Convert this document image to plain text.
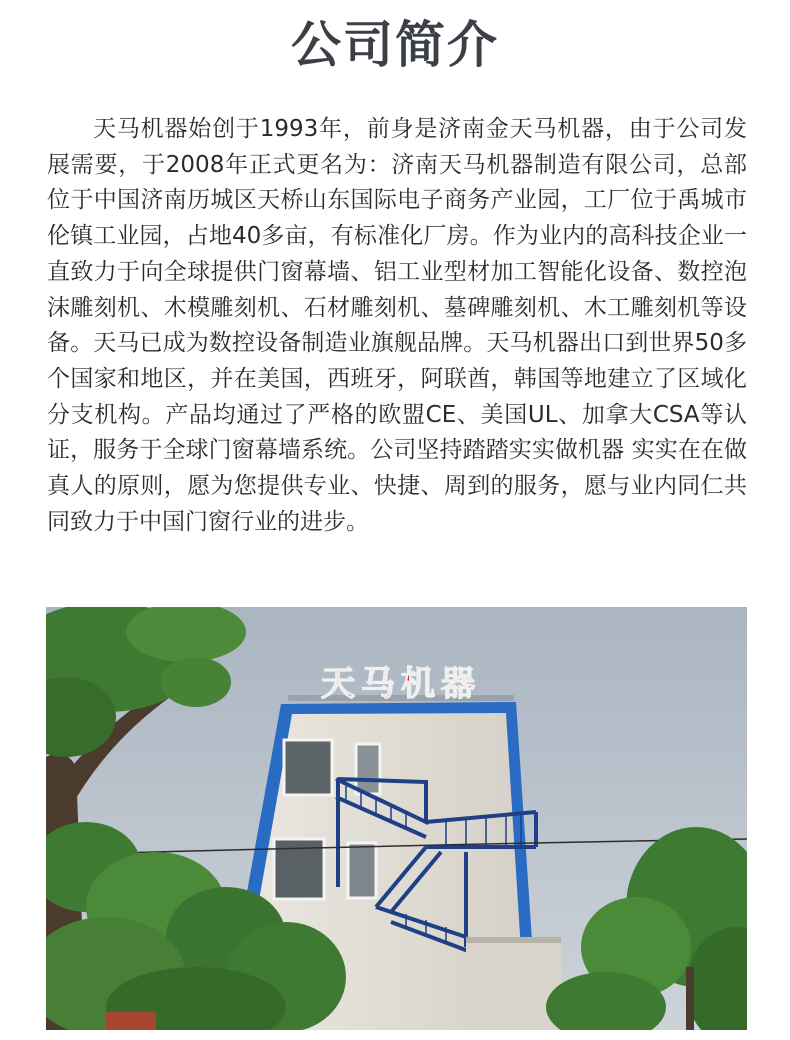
公司简介

天马机器始创于1993年，前身是济南金天马机器，由于公司发展需要，于2008年正式更名为：济南天马机器制造有限公司，总部位于中国济南历城区天桥山东国际电子商务产业园，工厂位于禹城市伦镇工业园，占地40多亩，有标准化厂房。作为业内的高科技企业一直致力于向全球提供门窗幕墙、铝工业型材加工智能化设备、数控泡沫雕刻机、木模雕刻机、石材雕刻机、墓碑雕刻机、木工雕刻机等设备。天马已成为数控设备制造业旗舰品牌。天马机器出口到世界50多个国家和地区，并在美国，西班牙，阿联酋，韩国等地建立了区域化分支机构。产品均通过了严格的欧盟CE、美国UL、加拿大CSA等认证，服务于全球门窗幕墙系统。公司坚持踏踏实实做机器 实实在在做真人的原则，愿为您提供专业、快捷、周到的服务，愿与业内同仁共同致力于中国门窗行业的进步。

天马机器
